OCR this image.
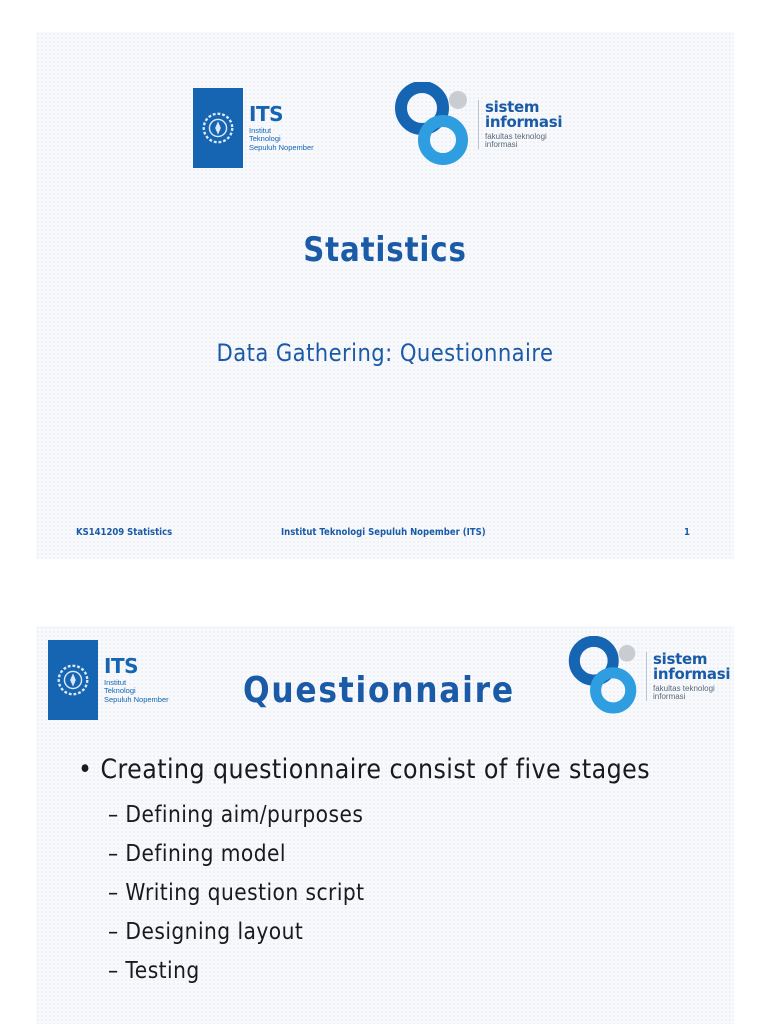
ITS
Institut
Teknologi
Sepuluh Nopember
sistem
informasi
fakultas teknologi
informasi
Statistics
Data Gathering: Questionnaire
KS141209 Statistics	Institut Teknologi Sepuluh Nopember (ITS)	1
ITS
Institut
Teknologi
Sepuluh Nopember Questionnaire
sistem
informasi
fakultas teknologi
informasi
• Creating questionnaire consist of five stages
– Defining aim/purposes
– Defining model
– Writing question script
– Designing layout
– Testing
